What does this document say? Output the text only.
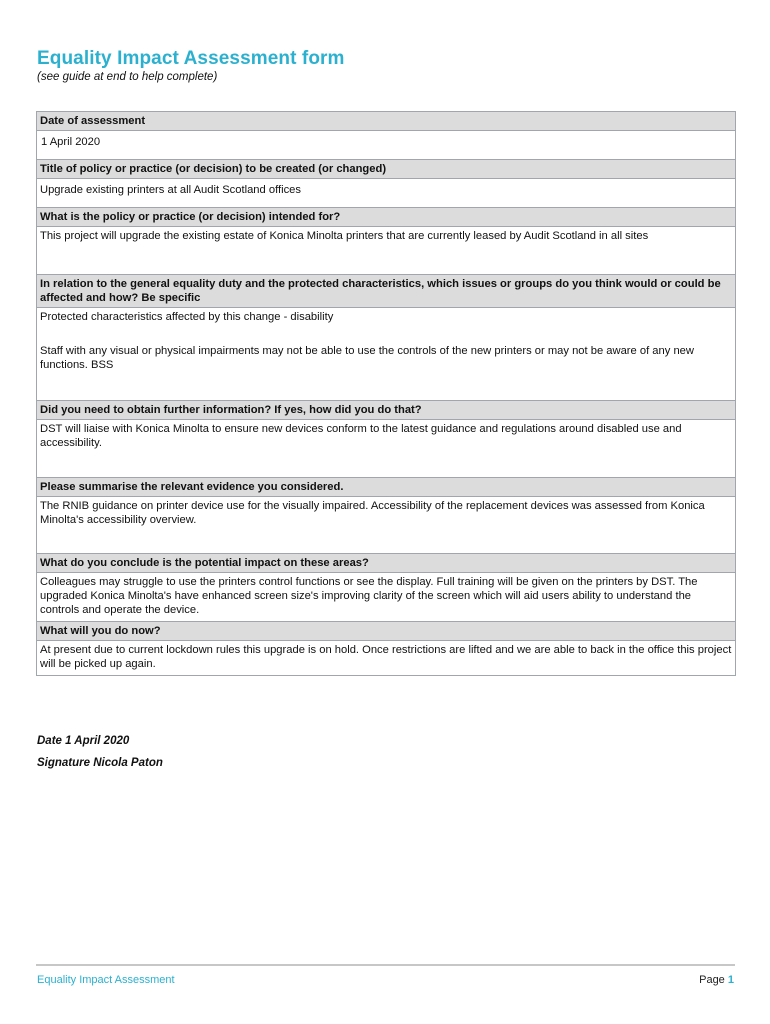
Equality Impact Assessment form
(see guide at end to help complete)
Date of assessment
1 April 2020
Title of policy or practice (or decision) to be created (or changed)
Upgrade existing printers at all Audit Scotland offices
What is the policy or practice (or decision) intended for?
This project will upgrade the existing estate of Konica Minolta printers that are currently leased by Audit Scotland in all sites
In relation to the general equality duty and the protected characteristics, which issues or groups do you think would or could be affected and how? Be specific

Protected characteristics affected by this change - disability
Staff with any visual or physical impairments may not be able to use the controls of the new printers or may not be aware of any new functions. BSS

Did you need to obtain further information? If yes, how did you do that?
DST will liaise with Konica Minolta to ensure new devices conform to the latest guidance and regulations around disabled use and accessibility.
Please summarise the relevant evidence you considered.
The RNIB guidance on printer device use for the visually impaired. Accessibility of the replacement devices was assessed from Konica Minolta's accessibility overview.
What do you conclude is the potential impact on these areas?
Colleagues may struggle to use the printers control functions or see the display. Full training will be given on the printers by DST. The upgraded Konica Minolta's have enhanced screen size's improving clarity of the screen which will aid users ability to understand the controls and operate the device.
What will you do now?
At present due to current lockdown rules this upgrade is on hold. Once restrictions are lifted and we are able to back in the office this project will be picked up again.
Date 1 April 2020
Signature Nicola Paton
Equality Impact Assessment	Page 1
